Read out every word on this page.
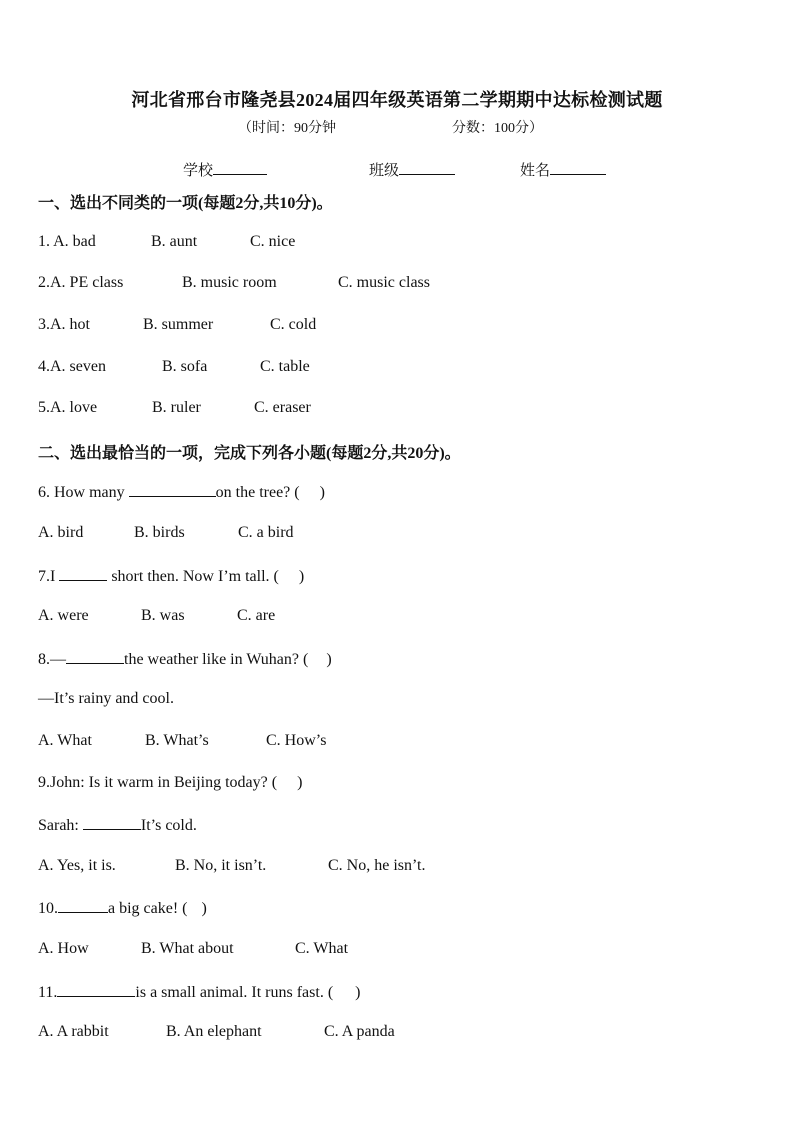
河北省邢台市隆尧县2024届四年级英语第二学期期中达标检测试题
（时间：90分钟	分数：100分）
学校	班级	姓名
一、选出不同类的一项(每题2分,共10分)。
1. A. bad	B. aunt	C. nice
2.A. PE class	B. music room	C. music class
3.A. hot	B. summer	C. cold
4.A. seven	B. sofa	C. table
5.A. love	B. ruler	C. eraser
二、选出最恰当的一项，完成下列各小题(每题2分,共20分)。
6. How many	on the tree? ( )
A. bird	B. birds	C. a bird
7.I	short then. Now I’m tall. ( )
A. were	B. was	C. are
8.—	the weather like in Wuhan? ( )
—It’s rainy and cool.
A. What	B. What’s	C. How’s
9.John: Is it warm in Beijing today? ( )
Sarah:	It’s cold.
A. Yes, it is.	B. No, it isn’t.	C. No, he isn’t.
10.	a big cake! ( )
A. How	B. What about	C. What
11.	is a small animal. It runs fast. ( )
A. A rabbit	B. An elephant	C. A panda
